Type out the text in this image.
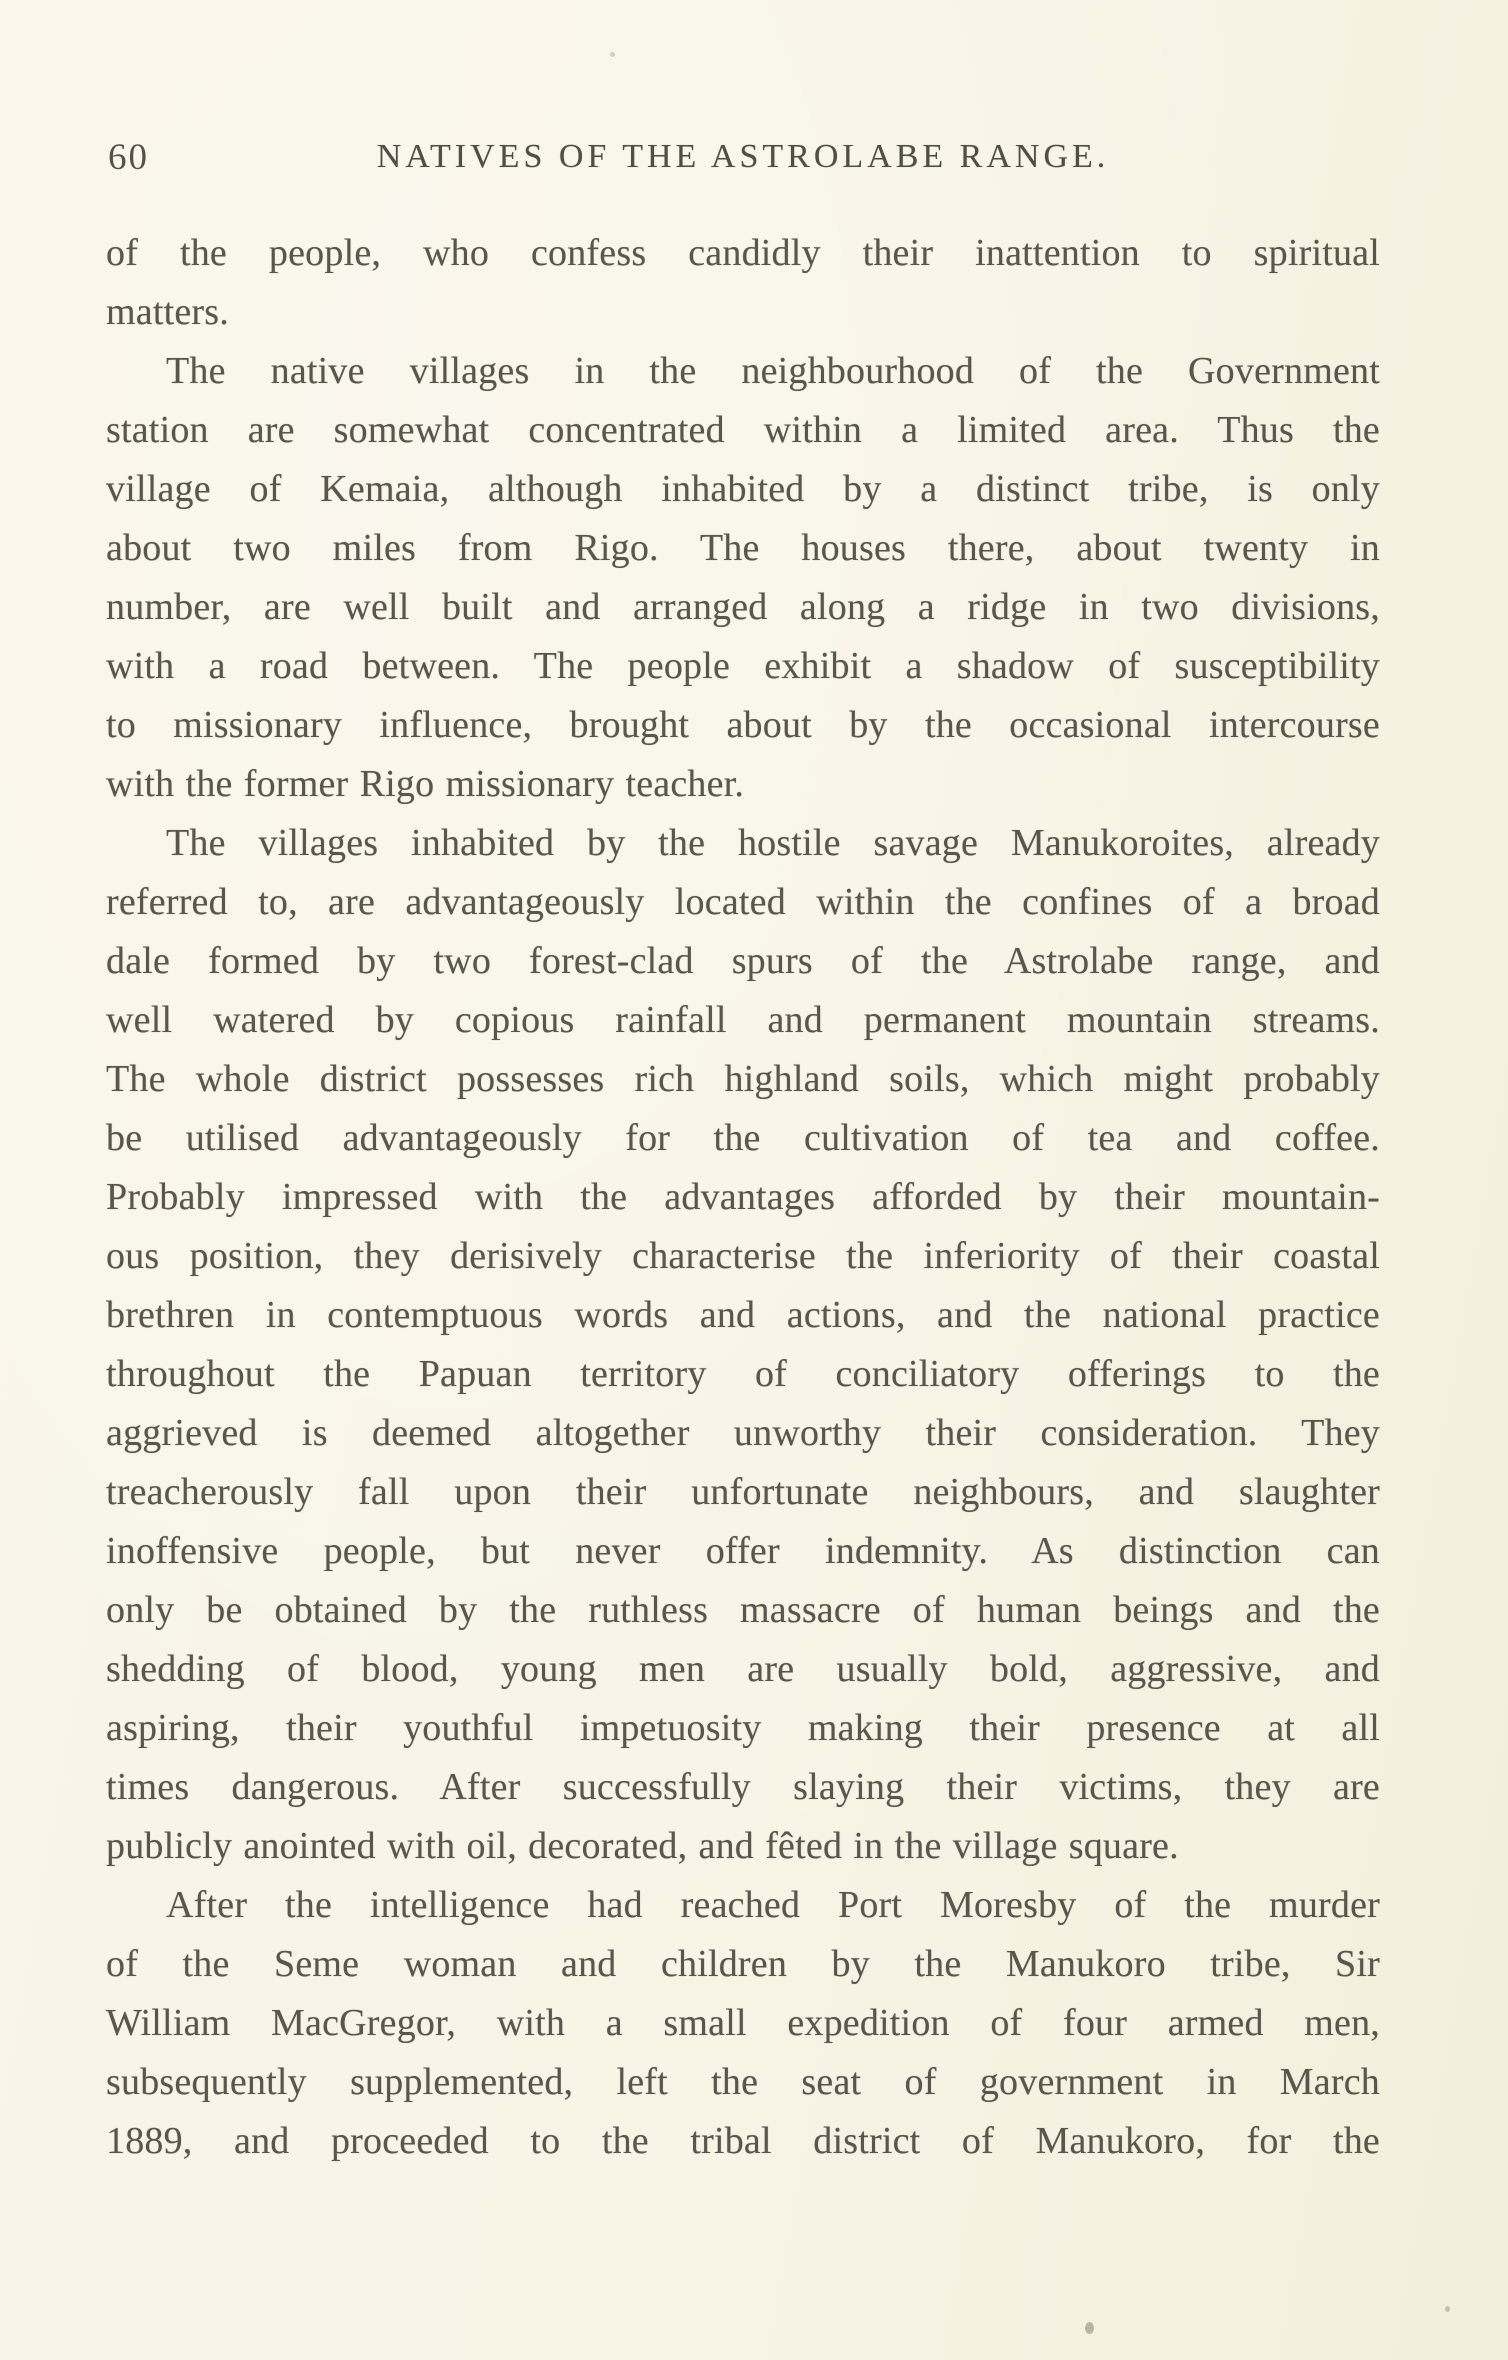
60	NATIVES OF THE ASTROLABE RANGE.
of the people, who confess candidly their inattention to spiritual
matters.
The native villages in the neighbourhood of the Government
station are somewhat concentrated within a limited area. Thus the
village of Kemaia, although inhabited by a distinct tribe, is only
about two miles from Rigo. The houses there, about twenty in
number, are well built and arranged along a ridge in two divisions,
with a road between. The people exhibit a shadow of susceptibility
to missionary influence, brought about by the occasional intercourse
with the former Rigo missionary teacher.
The villages inhabited by the hostile savage Manukoroites, already
referred to, are advantageously located within the confines of a broad
dale formed by two forest-clad spurs of the Astrolabe range, and
well watered by copious rainfall and permanent mountain streams.
The whole district possesses rich highland soils, which might probably
be utilised advantageously for the cultivation of tea and coffee.
Probably impressed with the advantages afforded by their mountain-
ous position, they derisively characterise the inferiority of their coastal
brethren in contemptuous words and actions, and the national practice
throughout the Papuan territory of conciliatory offerings to the
aggrieved is deemed altogether unworthy their consideration. They
treacherously fall upon their unfortunate neighbours, and slaughter
inoffensive people, but never offer indemnity. As distinction can
only be obtained by the ruthless massacre of human beings and the
shedding of blood, young men are usually bold, aggressive, and
aspiring, their youthful impetuosity making their presence at all
times dangerous. After successfully slaying their victims, they are
publicly anointed with oil, decorated, and fêted in the village square.
After the intelligence had reached Port Moresby of the murder
of the Seme woman and children by the Manukoro tribe, Sir
William MacGregor, with a small expedition of four armed men,
subsequently supplemented, left the seat of government in March
1889, and proceeded to the tribal district of Manukoro, for the
